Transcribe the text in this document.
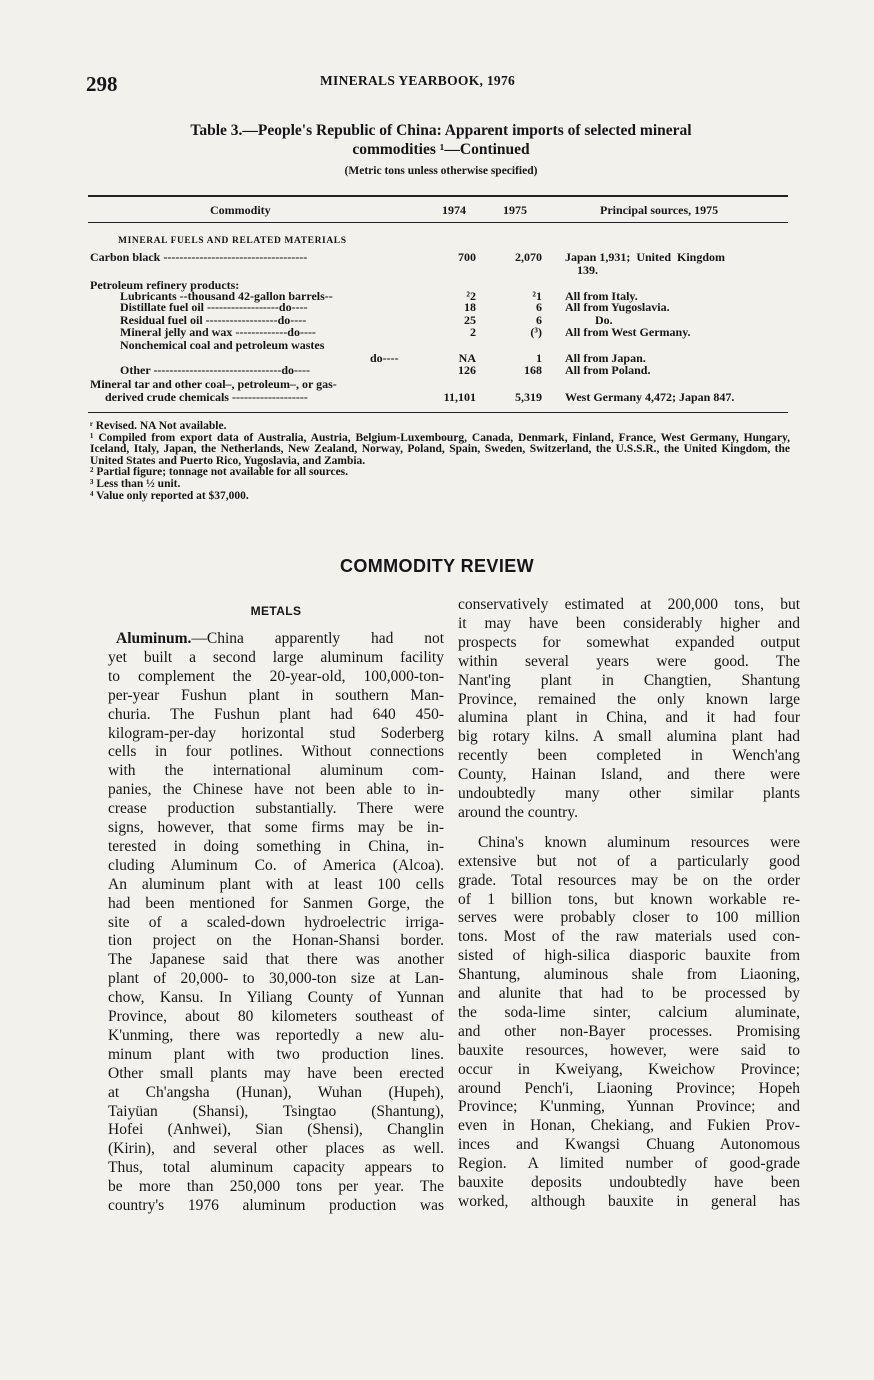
298	MINERALS YEARBOOK, 1976
Table 3.—People's Republic of China: Apparent imports of selected mineral
commodities ¹—Continued
(Metric tons unless otherwise specified)
Commodity	1974	1975	Principal sources, 1975
MINERAL FUELS AND RELATED MATERIALS
Carbon black ------------------------------------	700	2,070 Japan 1,931;  United  Kingdom
139.
Petroleum refinery products:
Lubricants --thousand 42-gallon barrels--	²2	²1 All from Italy.
Distillate fuel oil ------------------do----	18	6 All from Yugoslavia.
Residual fuel oil ------------------do----	25	6 Do.
Mineral jelly and wax -------------do----	2	(³) All from West Germany.
Nonchemical coal and petroleum wastes
do----	NA	1 All from Japan.
Other --------------------------------do----	126	168 All from Poland.
Mineral tar and other coal–, petroleum–, or gas-
derived crude chemicals -------------------	11,101	5,319 West Germany 4,472; Japan 847.

ʳ Revised. NA Not available.

¹ Compiled from export data of Australia, Austria, Belgium-Luxembourg, Canada, Denmark, Finland, France, West Germany, Hungary, Iceland, Italy, Japan, the Netherlands, New Zealand, Norway, Poland, Spain, Sweden, Switzerland, the U.S.S.R., the United Kingdom, the United States and Puerto Rico, Yugoslavia, and Zambia.

² Partial figure; tonnage not available for all sources.

³ Less than ½ unit.

⁴ Value only reported at $37,000.

COMMODITY REVIEW
METALS
Aluminum.—China apparently had not
yet built a second large aluminum facility
to complement the 20-year-old, 100,000-ton-
per-year Fushun plant in southern Man-
churia. The Fushun plant had 640 450-
kilogram-per-day horizontal stud Soderberg
cells in four potlines. Without connections
with the international aluminum com-
panies, the Chinese have not been able to in-
crease production substantially. There were
signs, however, that some firms may be in-
terested in doing something in China, in-
cluding Aluminum Co. of America (Alcoa).
An aluminum plant with at least 100 cells
had been mentioned for Sanmen Gorge, the
site of a scaled-down hydroelectric irriga-
tion project on the Honan-Shansi border.
The Japanese said that there was another
plant of 20,000- to 30,000-ton size at Lan-
chow, Kansu. In Yiliang County of Yunnan
Province, about 80 kilometers southeast of
K'unming, there was reportedly a new alu-
minum plant with two production lines.
Other small plants may have been erected
at Ch'angsha (Hunan), Wuhan (Hupeh),
Taiyüan (Shansi), Tsingtao (Shantung),
Hofei (Anhwei), Sian (Shensi), Changlin
(Kirin), and several other places as well.
Thus, total aluminum capacity appears to
be more than 250,000 tons per year. The
country's 1976 aluminum production was
conservatively estimated at 200,000 tons, but
it may have been considerably higher and
prospects for somewhat expanded output
within several years were good. The
Nant'ing plant in Changtien, Shantung
Province, remained the only known large
alumina plant in China, and it had four
big rotary kilns. A small alumina plant had
recently been completed in Wench'ang
County, Hainan Island, and there were
undoubtedly many other similar plants
around the country.
China's known aluminum resources were
extensive but not of a particularly good
grade. Total resources may be on the order
of 1 billion tons, but known workable re-
serves were probably closer to 100 million
tons. Most of the raw materials used con-
sisted of high-silica diasporic bauxite from
Shantung, aluminous shale from Liaoning,
and alunite that had to be processed by
the soda-lime sinter, calcium aluminate,
and other non-Bayer processes. Promising
bauxite resources, however, were said to
occur in Kweiyang, Kweichow Province;
around Pench'i, Liaoning Province; Hopeh
Province; K'unming, Yunnan Province; and
even in Honan, Chekiang, and Fukien Prov-
inces and Kwangsi Chuang Autonomous
Region. A limited number of good-grade
bauxite deposits undoubtedly have been
worked, although bauxite in general has
